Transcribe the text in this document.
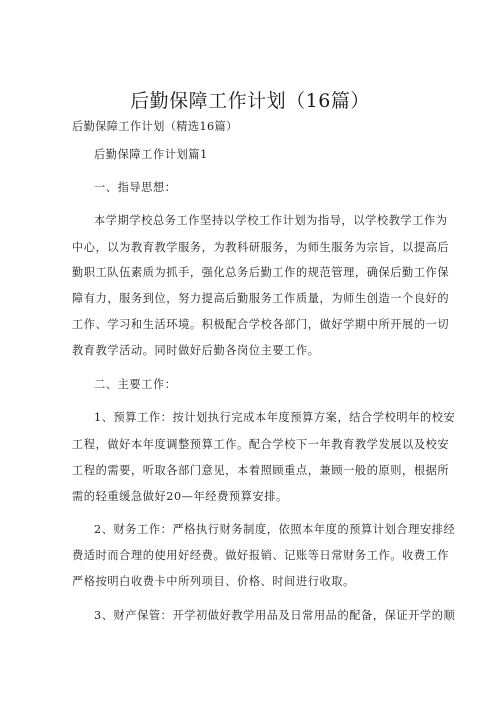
后勤保障工作计划（16篇）
后勤保障工作计划（精选16篇）
后勤保障工作计划篇1
一、指导思想：
本学期学校总务工作坚持以学校工作计划为指导，以学校教学工作为
中心，以为教育教学服务，为教科研服务，为师生服务为宗旨，以提高后
勤职工队伍素质为抓手，强化总务后勤工作的规范管理，确保后勤工作保
障有力，服务到位，努力提高后勤服务工作质量，为师生创造一个良好的
工作、学习和生活环境。积极配合学校各部门，做好学期中所开展的一切
教育教学活动。同时做好后勤各岗位主要工作。
二、主要工作：
1、预算工作：按计划执行完成本年度预算方案，结合学校明年的校安
工程，做好本年度调整预算工作。配合学校下一年教育教学发展以及校安
工程的需要，听取各部门意见，本着照顾重点，兼顾一般的原则，根据所
需的轻重缓急做好20—年经费预算安排。
2、财务工作：严格执行财务制度，依照本年度的预算计划合理安排经
费适时而合理的使用好经费。做好报销、记账等日常财务工作。收费工作
严格按明白收费卡中所列项目、价格、时间进行收取。
3、财产保管：开学初做好教学用品及日常用品的配备，保证开学的顺
